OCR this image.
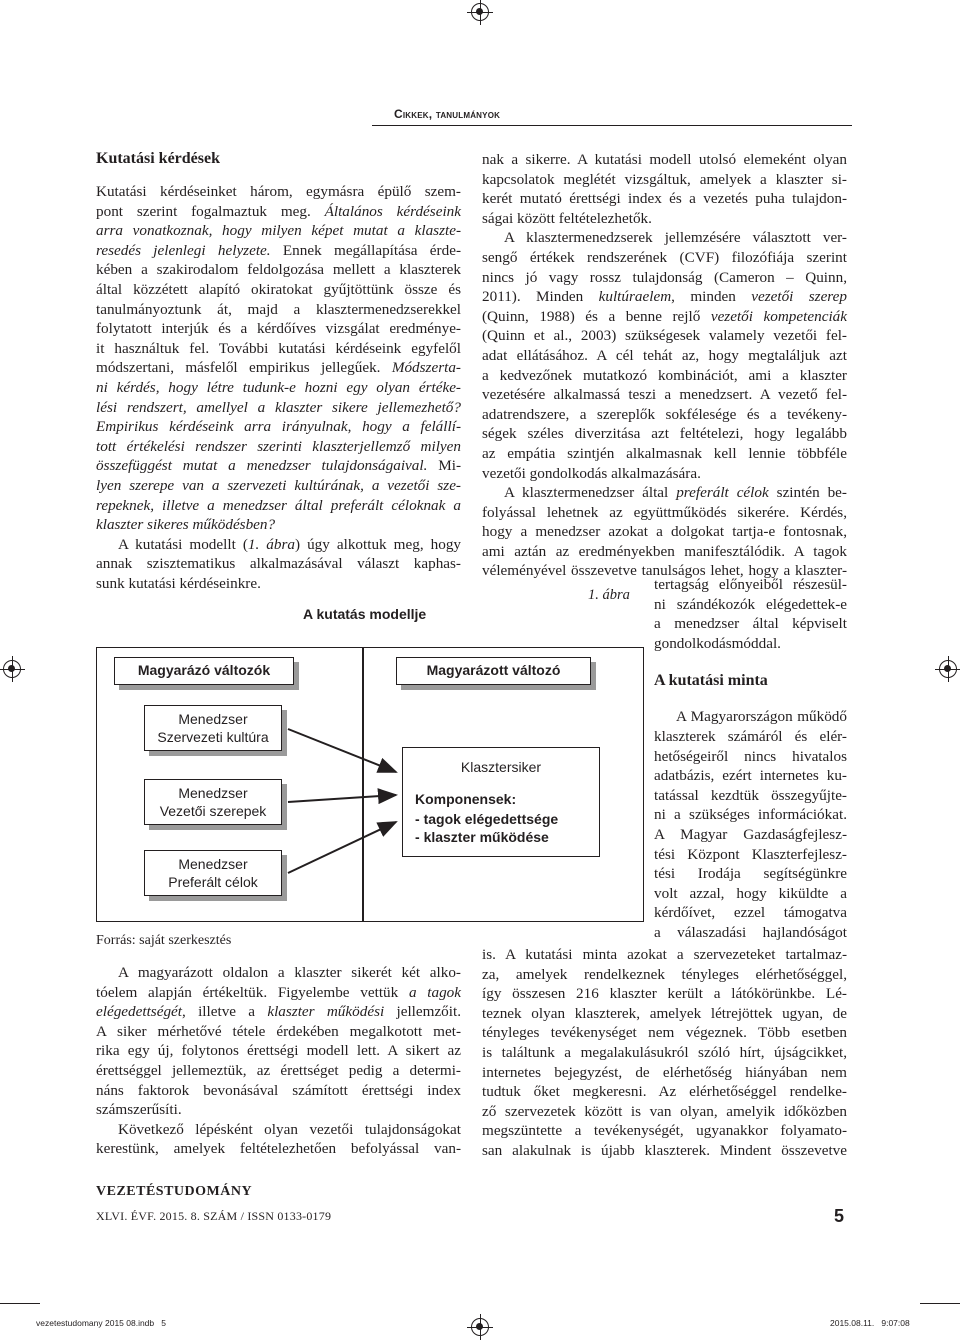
Cikkek, tanulmányok
Kutatási kérdések
Kutatási kérdéseinket három, egymásra épülő szem-
pont szerint fogalmaztuk meg. Általános kérdéseink
arra vonatkoznak, hogy milyen képet mutat a klaszte-
resedés jelenlegi helyzete. Ennek megállapítása érde-
kében a szakirodalom feldolgozása mellett a klaszterek
által közzétett alapító okiratokat gyűjtöttünk össze és
tanulmányoztunk át, majd a klasztermenedzserekkel
folytatott interjúk és a kérdőíves vizsgálat eredménye-
it használtuk fel. További kutatási kérdéseink egyfelől
módszertani, másfelől empirikus jellegűek. Módszerta-
ni kérdés, hogy létre tudunk-e hozni egy olyan értéke-
lési rendszert, amellyel a klaszter sikere jellemezhető?
Empirikus kérdéseink arra irányulnak, hogy a felállí-
tott értékelési rendszer szerinti klaszterjellemző milyen
összefüggést mutat a menedzser tulajdonságaival. Mi-
lyen szerepe van a szervezeti kultúrának, a vezetői sze-
repeknek, illetve a menedzser által preferált céloknak a
klaszter sikeres működésben?
A kutatási modellt (1. ábra) úgy alkottuk meg, hogy
annak szisztematikus alkalmazásával választ kaphas-
sunk kutatási kérdéseinkre.
A kutatás modellje
1. ábra
Magyarázó változók	Magyarázott változó
Menedzser
Szervezeti kultúra
Menedzser
Vezetői szerepek
Menedzser
Preferált célok
Klasztersiker
Komponensek:
- tagok elégedettsége
- klaszter működése
Forrás: saját szerkesztés
A magyarázott oldalon a klaszter sikerét két alko-
tóelem alapján értékeltük. Figyelembe vettük a tagok
elégedettségét, illetve a klaszter működési jellemzőit.
A siker mérhetővé tétele érdekében megalkotott met-
rika egy új, folytonos érettségi modell lett. A sikert az
érettséggel jellemeztük, az érettséget pedig a determi-
náns faktorok bevonásával számított érettségi index
számszerűsíti.
Következő lépésként olyan vezetői tulajdonságokat
kerestünk, amelyek feltételezhetően befolyással van-
nak a sikerre. A kutatási modell utolsó elemeként olyan
kapcsolatok meglétét vizsgáltuk, amelyek a klaszter si-
kerét mutató érettségi index és a vezetés puha tulajdon-
ságai között feltételezhetők.
A klasztermenedzserek jellemzésére választott ver-
sengő értékek rendszerének (CVF) filozófiája szerint
nincs jó vagy rossz tulajdonság (Cameron – Quinn,
2011). Minden kultúraelem, minden vezetői szerep
(Quinn, 1988) és a benne rejlő vezetői kompetenciák
(Quinn et al., 2003) szükségesek valamely vezetői fel-
adat ellátásához. A cél tehát az, hogy megtaláljuk azt
a kedvezőnek mutatkozó kombinációt, ami a klaszter
vezetésére alkalmassá teszi a menedzsert. A vezető fel-
adatrendszere, a szereplők sokfélesége és a tevékeny-
ségek széles diverzitása azt feltételezi, hogy legalább
az empátia szintjén alkalmasnak kell lennie többféle
vezetői gondolkodás alkalmazására.
A klasztermenedzser által preferált célok szintén be-
folyással lehetnek az együttműködés sikerére. Kérdés,
hogy a menedzser azokat a dolgokat tartja-e fontosnak,
ami aztán az eredményekben manifesztálódik. A tagok
véleményével összevetve tanulságos lehet, hogy a klaszter-
tertagság előnyeiből részesül-
ni szándékozók elégedettek-e
a menedzser által képviselt
gondolkodásmóddal.
A kutatási minta
A Magyarországon működő
klaszterek számáról és elér-
hetőségeiről nincs hivatalos
adatbázis, ezért internetes ku-
tatással kezdtük összegyűjte-
ni a szükséges információkat.
A Magyar Gazdaságfejlesz-
tési Központ Klaszterfejlesz-
tési Irodája segítségünkre
volt azzal, hogy kiküldte a
kérdőívet, ezzel támogatva
a válaszadási hajlandóságot
is. A kutatási minta azokat a szervezeteket tartalmaz-
za, amelyek rendelkeznek tényleges elérhetőséggel,
így összesen 216 klaszter került a látókörünkbe. Lé-
teznek olyan klaszterek, amelyek létrejöttek ugyan, de
tényleges tevékenységet nem végeznek. Több esetben
is találtunk a megalakulásukról szóló hírt, újságcikket,
internetes bejegyzést, de elérhetőség hiányában nem
tudtuk őket megkeresni. Az elérhetőséggel rendelke-
ző szervezetek között is van olyan, amelyik időközben
megszüntette a tevékenységét, ugyanakkor folyamato-
san alakulnak is újabb klaszterek. Mindent összevetve
VEZETÉSTUDOMÁNY
XLVI. ÉVF. 2015. 8. SZÁM / ISSN 0133-0179	5
vezetestudomany 2015 08.indb   5	2015.08.11.   9:07:08
